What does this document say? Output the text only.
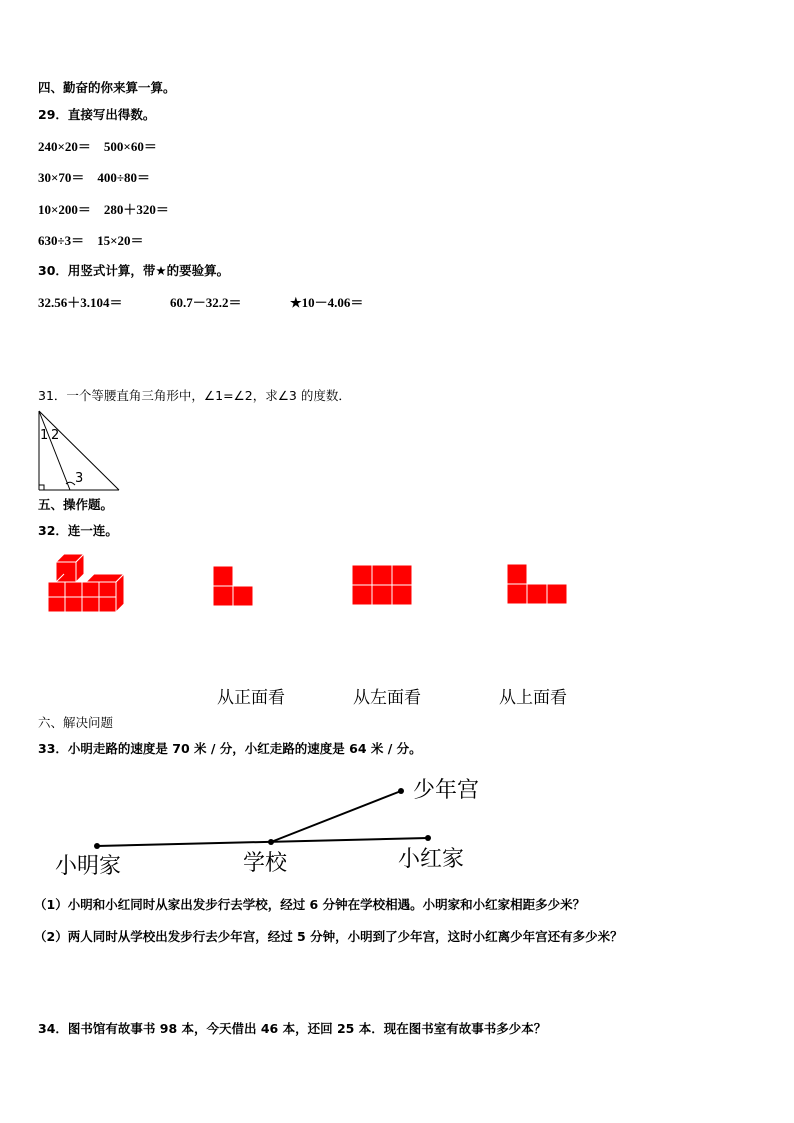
四、勤奋的你来算一算。
29．直接写出得数。
240×20＝ 500×60＝
30×70＝ 400÷80＝
10×200＝ 280＋320＝
630÷3＝ 15×20＝
30．用竖式计算，带★的要验算。
32.56＋3.104＝	60.7－32.2＝	★10－4.06＝
31．一个等腰直角三角形中，∠1=∠2，求∠3 的度数．
1 2
3
五、操作题。
32．连一连。
从正面看	从左面看	从上面看
六、解决问题
33．小明走路的速度是 70 米 / 分，小红走路的速度是 64 米 / 分。
少年宫
小明家	学校	小红家
（1）小明和小红同时从家出发步行去学校，经过 6 分钟在学校相遇。小明家和小红家相距多少米？
（2）两人同时从学校出发步行去少年宫，经过 5 分钟，小明到了少年宫，这时小红离少年宫还有多少米？
34．图书馆有故事书 98 本，今天借出 46 本，还回 25 本．现在图书室有故事书多少本？
